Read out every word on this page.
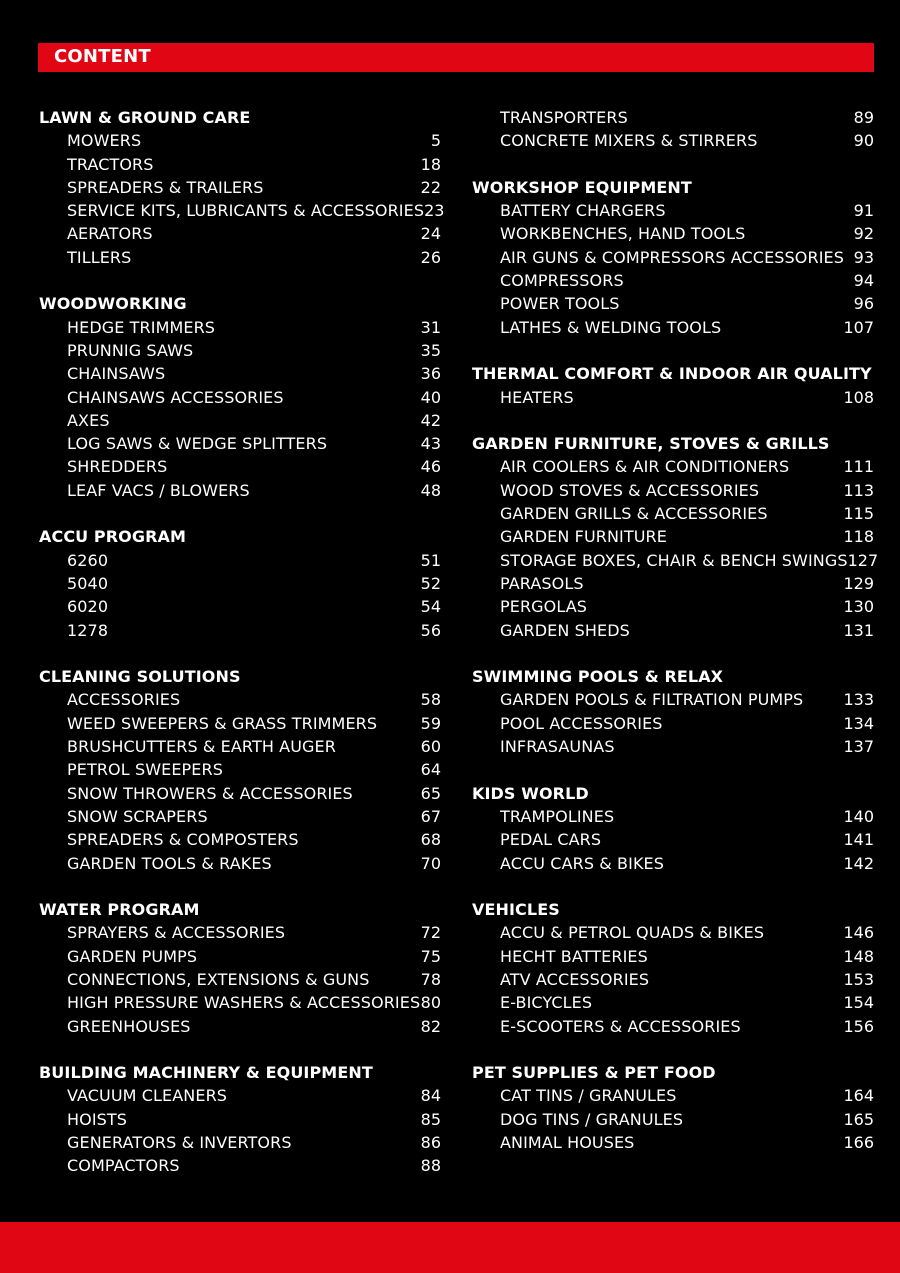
CONTENT
LAWN & GROUND CARE
MOWERS	5
TRACTORS	18
SPREADERS & TRAILERS	22
SERVICE KITS, LUBRICANTS & ACCESSORIES 23
AERATORS	24
TILLERS	26
WOODWORKING
HEDGE TRIMMERS	31
PRUNNIG SAWS	35
CHAINSAWS	36
CHAINSAWS ACCESSORIES	40
AXES	42
LOG SAWS & WEDGE SPLITTERS	43
SHREDDERS	46
LEAF VACS / BLOWERS	48
ACCU PROGRAM
6260	51
5040	52
6020	54
1278	56
CLEANING SOLUTIONS
ACCESSORIES	58
WEED SWEEPERS & GRASS TRIMMERS	59
BRUSHCUTTERS & EARTH AUGER	60
PETROL SWEEPERS	64
SNOW THROWERS & ACCESSORIES	65
SNOW SCRAPERS	67
SPREADERS & COMPOSTERS	68
GARDEN TOOLS & RAKES	70
WATER PROGRAM
SPRAYERS & ACCESSORIES	72
GARDEN PUMPS	75
CONNECTIONS, EXTENSIONS & GUNS	78
HIGH PRESSURE WASHERS & ACCESSORIES 80
GREENHOUSES	82
BUILDING MACHINERY & EQUIPMENT
VACUUM CLEANERS	84
HOISTS	85
GENERATORS & INVERTORS	86
COMPACTORS	88
TRANSPORTERS	89
CONCRETE MIXERS & STIRRERS	90
WORKSHOP EQUIPMENT
BATTERY CHARGERS	91
WORKBENCHES, HAND TOOLS	92
AIR GUNS & COMPRESSORS ACCESSORIES 93
COMPRESSORS	94
POWER TOOLS	96
LATHES & WELDING TOOLS	107
THERMAL COMFORT & INDOOR AIR QUALITY
HEATERS	108
GARDEN FURNITURE, STOVES & GRILLS
AIR COOLERS & AIR CONDITIONERS	111
WOOD STOVES & ACCESSORIES	113
GARDEN GRILLS & ACCESSORIES	115
GARDEN FURNITURE	118
STORAGE BOXES, CHAIR & BENCH SWINGS 127
PARASOLS	129
PERGOLAS	130
GARDEN SHEDS	131
SWIMMING POOLS & RELAX
GARDEN POOLS & FILTRATION PUMPS	133
POOL ACCESSORIES	134
INFRASAUNAS	137
KIDS WORLD
TRAMPOLINES	140
PEDAL CARS	141
ACCU CARS & BIKES	142
VEHICLES
ACCU & PETROL QUADS & BIKES	146
HECHT BATTERIES	148
ATV ACCESSORIES	153
E-BICYCLES	154
E-SCOOTERS & ACCESSORIES	156
PET SUPPLIES & PET FOOD
CAT TINS / GRANULES	164
DOG TINS / GRANULES	165
ANIMAL HOUSES	166
